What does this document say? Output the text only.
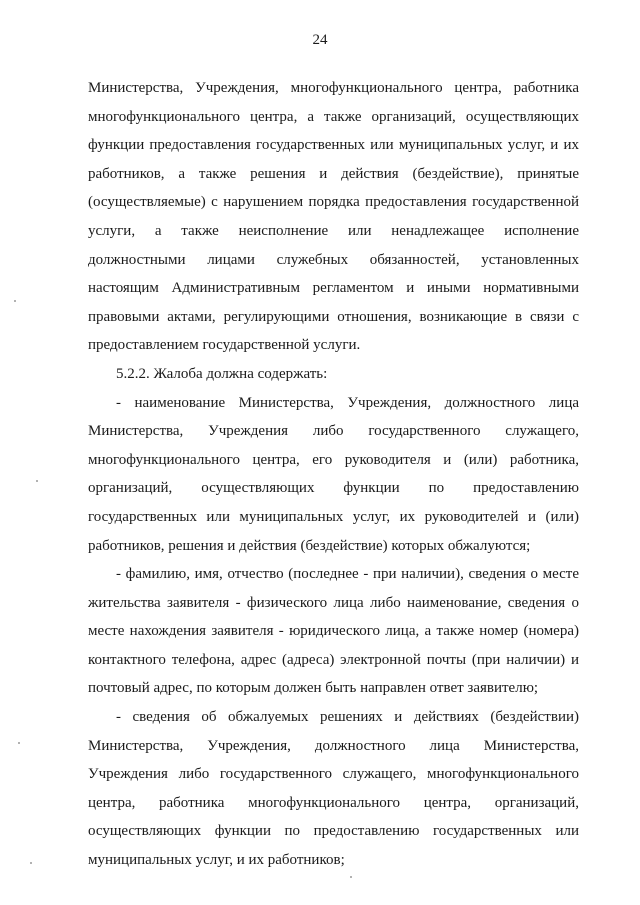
24

Министерства, Учреждения, многофункционального центра, работника многофункционального центра, а также организаций, осуществляющих функции предоставления государственных или муниципальных услуг, и их работников, а также решения и действия (бездействие), принятые (осуществляемые) с нарушением порядка предоставления государственной услуги, а также неисполнение или ненадлежащее исполнение должностными лицами служебных обязанностей, установленных настоящим Административным регламентом и иными нормативными правовыми актами, регулирующими отношения, возникающие в связи с предоставлением государственной услуги.

5.2.2. Жалоба должна содержать:

- наименование Министерства, Учреждения, должностного лица Министерства, Учреждения либо государственного служащего, многофункционального центра, его руководителя и (или) работника, организаций, осуществляющих функции по предоставлению государственных или муниципальных услуг, их руководителей и (или) работников, решения и действия (бездействие) которых обжалуются;

- фамилию, имя, отчество (последнее - при наличии), сведения о месте жительства заявителя - физического лица либо наименование, сведения о месте нахождения заявителя - юридического лица, а также номер (номера) контактного телефона, адрес (адреса) электронной почты (при наличии) и почтовый адрес, по которым должен быть направлен ответ заявителю;

- сведения об обжалуемых решениях и действиях (бездействии) Министерства, Учреждения, должностного лица Министерства, Учреждения либо государственного служащего, многофункционального центра, работника многофункционального центра, организаций, осуществляющих функции по предоставлению государственных или муниципальных услуг, и их работников;
